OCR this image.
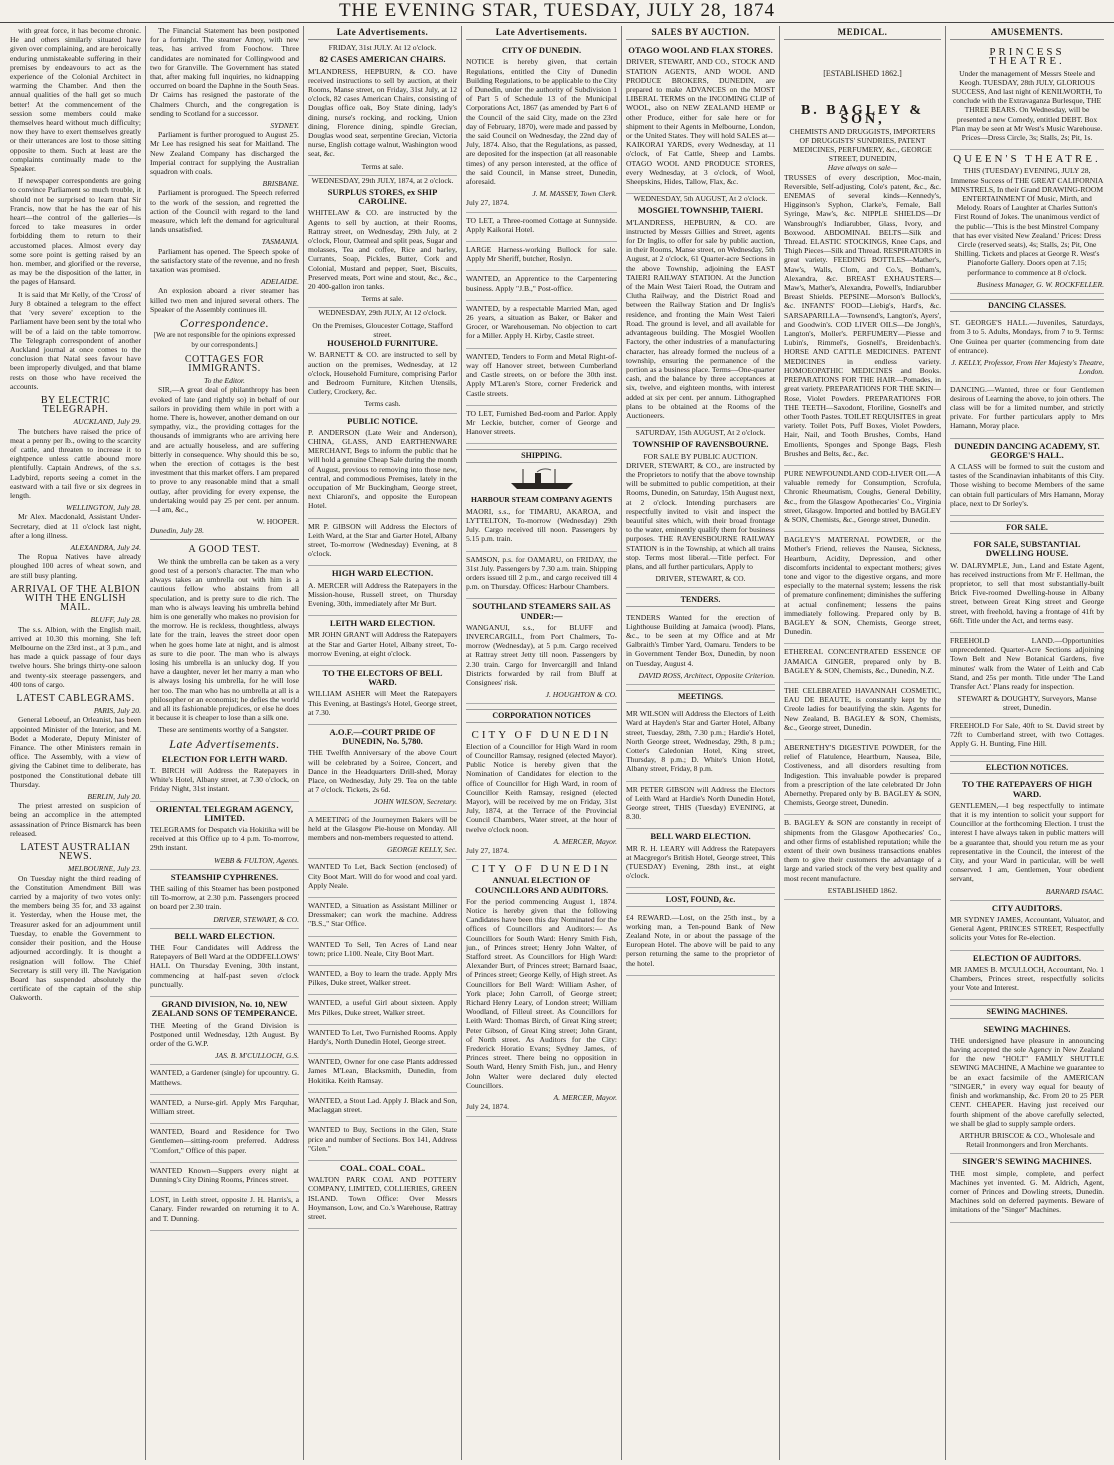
THE EVENING STAR, TUESDAY, JULY 28, 1874

with great force, it has become chronic. He and others similarly situated have given over complaining, and are heroically enduring unmistakeable suffering in their premises by endeavours to act as the experience of the Colonial Architect in warming the Chamber. And then the annual qualities of the hall get so much better! At the commencement of the session some members could make themselves heard without much difficulty; now they have to exert themselves greatly or their utterances are lost to those sitting opposite to them. Such at least are the complaints continually made to the Speaker.

If newspaper correspondents are going to convince Parliament so much trouble, it should not be surprised to learn that Sir Francis, now that he has the ear of his heart—the control of the galleries—is forced to take measures in order forbidding them to return to their accustomed places. Almost every day some sore point is getting raised by an hon. member, and glorified or the reverse, as may be the disposition of the latter, in the pages of Hansard.

It is said that Mr Kelly, of the 'Cross' of Jury 8 obtained a telegram to the effect that 'very severe' exception to the Parliament have been sent by the total who will be of a laid on the table tomorrow. The Telegraph correspondent of another Auckland journal at once comes to the conclusion that Natal sees favour have been improperly divulged, and that blame rests on those who have received the accounts.

BY ELECTRIC TELEGRAPH.
AUCKLAND, July 29.

The butchers have raised the price of meat a penny per lb., owing to the scarcity of cattle, and threaten to increase it to eightpence unless cattle abound more plentifully. Captain Andrews, of the s.s. Ladybird, reports seeing a comet in the eastward with a tail five or six degrees in length.

WELLINGTON, July 28.

Mr Alex. Macdonald, Assistant Under-Secretary, died at 11 o'clock last night, after a long illness.

ALEXANDRA, July 24.

The Ropua Natives have already ploughed 100 acres of wheat sown, and are still busy planting.

ARRIVAL OF THE ALBION WITH THE ENGLISH MAIL.
BLUFF, July 28.

The s.s. Albion, with the English mail, arrived at 10.30 this morning. She left Melbourne on the 23rd inst., at 3 p.m., and has made a quick passage of four days twelve hours. She brings thirty-one saloon and twenty-six steerage passengers, and 400 tons of cargo.

LATEST CABLEGRAMS.
PARIS, July 20.

General Leboeuf, an Orleanist, has been appointed Minister of the Interior, and M. Bodet a Moderate, Deputy Minister of Finance. The other Ministers remain in office. The Assembly, with a view of giving the Cabinet time to deliberate, has postponed the Constitutional debate till Thursday.

BERLIN, July 20.

The priest arrested on suspicion of being an accomplice in the attempted assassination of Prince Bismarck has been released.

LATEST AUSTRALIAN NEWS.
MELBOURNE, July 23.

On Tuesday night the third reading of the Constitution Amendment Bill was carried by a majority of two votes only: the members being 35 for, and 33 against it. Yesterday, when the House met, the Treasurer asked for an adjournment until Tuesday, to enable the Government to consider their position, and the House adjourned accordingly. It is thought a resignation will follow. The Chief Secretary is still very ill. The Navigation Board has suspended absolutely the certificate of the captain of the ship Oakworth.

The Financial Statement has been postponed for a fortnight. The steamer Amoy, with new teas, has arrived from Foochow. Three candidates are nominated for Collingwood and two for Granville. The Government has stated that, after making full inquiries, no kidnapping occurred on board the Daphne in the South Seas. Dr Cairns has resigned the pastorate of the Chalmers Church, and the congregation is sending to Scotland for a successor.

SYDNEY.

Parliament is further prorogued to August 25. Mr Lee has resigned his seat for Maitland. The New Zealand Company has discharged the Imperial contract for supplying the Australian squadron with coals.

BRISBANE.

Parliament is prorogued. The Speech referred to the work of the session, and regretted the action of the Council with regard to the land measure, which left the demand for agricultural lands unsatisfied.

TASMANIA.

Parliament has opened. The Speech spoke of the satisfactory state of the revenue, and no fresh taxation was promised.

ADELAIDE.

An explosion aboard a river steamer has killed two men and injured several others. The Speaker of the Assembly continues ill.

Correspondence.
[We are not responsible for the opinions expressed by our correspondents.]
COTTAGES FOR IMMIGRANTS.
To the Editor.

SIR,—A great deal of philanthropy has been evoked of late (and rightly so) in behalf of our sailors in providing them while in port with a home. There is, however, another demand on our sympathy, viz., the providing cottages for the thousands of immigrants who are arriving here and are actually houseless, and are suffering bitterly in consequence. Why should this be so, when the erection of cottages is the best investment that this market offers. I am prepared to prove to any reasonable mind that a small outlay, after providing for every expense, the undertaking would pay 25 per cent. per annum.—I am, &c.,

W. HOOPER.
Dunedin, July 28.
A GOOD TEST.

We think the umbrella can be taken as a very good test of a person's character. The man who always takes an umbrella out with him is a cautious fellow who abstains from all speculation, and is pretty sure to die rich. The man who is always leaving his umbrella behind him is one generally who makes no provision for the morrow. He is reckless, thoughtless, always late for the train, leaves the street door open when he goes home late at night, and is almost as sure to die poor. The man who is always losing his umbrella is an unlucky dog. If you have a daughter, never let her marry a man who is always losing his umbrella, for he will lose her too. The man who has no umbrella at all is a philosopher or an economist; he defies the world and all its fashionable prejudices, or else he does it because it is cheaper to lose than a silk one.

These are sentiments worthy of a Sangster.

Late Advertisements.
ELECTION FOR LEITH WARD.

T. BIRCH will Address the Ratepayers in White's Hotel, Albany street, at 7.30 o'clock, on Friday Night, 31st instant.

ORIENTAL TELEGRAM AGENCY, LIMITED.

TELEGRAMS for Despatch via Hokitika will be received at this Office up to 4 p.m. To-morrow, 29th instant.

WEBB & FULTON, Agents.
STEAMSHIP CYPHRENES.

THE sailing of this Steamer has been postponed till To-morrow, at 2.30 p.m. Passengers proceed on board per 2.30 train.

DRIVER, STEWART, & CO.
BELL WARD ELECTION.

THE Four Candidates will Address the Ratepayers of Bell Ward at the ODDFELLOWS' HALL On Thursday Evening, 30th instant, commencing at half-past seven o'clock punctually.

GRAND DIVISION, No. 10, NEW ZEALAND SONS OF TEMPERANCE.

THE Meeting of the Grand Division is Postponed until Wednesday, 12th August. By order of the G.W.P.

JAS. B. M'CULLOCH, G.S.

WANTED, a Gardener (single) for upcountry. G. Matthews.

WANTED, a Nurse-girl. Apply Mrs Farquhar, William street.

WANTED, Board and Residence for Two Gentlemen—sitting-room preferred. Address "Comfort," Office of this paper.

WANTED Known—Suppers every night at Dunning's City Dining Rooms, Princes street.

LOST, in Leith street, opposite J. H. Harris's, a Canary. Finder rewarded on returning it to A. and T. Dunning.

Late Advertisements.
FRIDAY, 31st JULY. At 12 o'clock.
82 CASES AMERICAN CHAIRS.

M'LANDRESS, HEPBURN, & CO. have received instructions to sell by auction, at their Rooms, Manse street, on Friday, 31st July, at 12 o'clock, 82 cases American Chairs, consisting of Douglas office oak, Boy State dining, lady's dining, nurse's rocking, and rocking, Union dining, Florence dining, spindle Grecian, Douglas wood seat, serpentine Grecian, Victoria nurse, English cottage walnut, Washington wood seat, &c.

Terms at sale.
WEDNESDAY, 29th JULY, 1874, at 2 o'clock.
SURPLUS STORES, ex SHIP CAROLINE.

WHITELAW & CO. are instructed by the Agents to sell by auction, at their Rooms, Rattray street, on Wednesday, 29th July, at 2 o'clock, Flour, Oatmeal and split peas, Sugar and molasses, Tea and coffee, Rice and barley, Currants, Soap, Pickles, Butter, Cork and Colonial, Mustard and pepper, Suet, Biscuits, Preserved meats, Port wine and stout, &c., &c., 20 400-gallon iron tanks.

Terms at sale.
WEDNESDAY, 29th JULY, At 12 o'clock.
On the Premises, Gloucester Cottage, Stafford street.
HOUSEHOLD FURNITURE.

W. BARNETT & CO. are instructed to sell by auction on the premises, Wednesday, at 12 o'clock, Household Furniture, comprising Parlor and Bedroom Furniture, Kitchen Utensils, Cutlery, Crockery, &c.

Terms cash.
PUBLIC NOTICE.

P. ANDERSON (Late Weir and Anderson), CHINA, GLASS, AND EARTHENWARE MERCHANT, Begs to inform the public that he will hold a genuine Cheap Sale during the month of August, previous to removing into those new, central, and commodious Premises, lately in the occupation of Mr Buckingham, George street, next Chiaroni's, and opposite the European Hotel.

MR P. GIBSON will Address the Electors of Leith Ward, at the Star and Garter Hotel, Albany street, To-morrow (Wednesday) Evening, at 8 o'clock.

HIGH WARD ELECTION.

A. MERCER will Address the Ratepayers in the Mission-house, Russell street, on Thursday Evening, 30th, immediately after Mr Burt.

LEITH WARD ELECTION.

MR JOHN GRANT will Address the Ratepayers at the Star and Garter Hotel, Albany street, To-morrow Evening, at eight o'clock.

TO THE ELECTORS OF BELL WARD.

WILLIAM ASHER will Meet the Ratepayers This Evening, at Bastings's Hotel, George street, at 7.30.

A.O.F.—COURT PRIDE OF DUNEDIN, No. 5,780.

THE Twelfth Anniversary of the above Court will be celebrated by a Soiree, Concert, and Dance in the Headquarters Drill-shed, Moray Place, on Wednesday, July 29. Tea on the table at 7 o'clock. Tickets, 2s 6d.

JOHN WILSON, Secretary.

A MEETING of the Journeymen Bakers will be held at the Glasgow Pie-house on Monday. All members and non-members requested to attend.

GEORGE KELLY, Sec.

WANTED To Let, Back Section (enclosed) of City Boot Mart. Will do for wood and coal yard. Apply Neale.

WANTED, a Situation as Assistant Milliner or Dressmaker; can work the machine. Address "B.S.," Star Office.

WANTED To Sell, Ten Acres of Land near town; price L100. Neale, City Boot Mart.

WANTED, a Boy to learn the trade. Apply Mrs Pilkes, Duke street, Walker street.

WANTED, a useful Girl about sixteen. Apply Mrs Pilkes, Duke street, Walker street.

WANTED To Let, Two Furnished Rooms. Apply Hardy's, North Dunedin Hotel, George street.

WANTED, Owner for one case Plants addressed James M'Lean, Blacksmith, Dunedin, from Hokitika. Keith Ramsay.

WANTED, a Stout Lad. Apply J. Black and Son, Maclaggan street.

WANTED to Buy, Sections in the Glen, State price and number of Sections. Box 141, Address "Glen."

COAL. COAL. COAL.

WALTON PARK COAL AND POTTERY COMPANY, LIMITED, COLLIERIES, GREEN ISLAND. Town Office: Over Messrs Hoymanson, Low, and Co.'s Warehouse, Rattray street.

Late Advertisements.
CITY OF DUNEDIN.

NOTICE is hereby given, that certain Regulations, entitled the City of Dunedin Building Regulations, to be applicable to the City of Dunedin, under the authority of Subdivision 1 of Part 5 of Schedule 13 of the Municipal Corporations Act, 1867 (as amended by Part 6 of the Council of the said City, made on the 23rd day of February, 1870), were made and passed by the said Council on Wednesday, the 22nd day of July, 1874. Also, that the Regulations, as passed, are deposited for the inspection (at all reasonable times) of any person interested, at the office of the said Council, in Manse street, Dunedin, aforesaid.

J. M. MASSEY, Town Clerk.
July 27, 1874.

TO LET, a Three-roomed Cottage at Sunnyside. Apply Kaikorai Hotel.

LARGE Harness-working Bullock for sale. Apply Mr Sheriff, butcher, Roslyn.

WANTED, an Apprentice to the Carpentering business. Apply "J.B.," Post-office.

WANTED, by a respectable Married Man, aged 26 years, a situation as Baker, or Baker and Grocer, or Warehouseman. No objection to cart for a Miller. Apply H. Kirby, Castle street.

WANTED, Tenders to Form and Metal Right-of-way off Hanover street, between Cumberland and Castle streets, on or before the 30th inst. Apply M'Laren's Store, corner Frederick and Castle streets.

TO LET, Furnished Bed-room and Parlor. Apply Mr Leckie, butcher, corner of George and Hanover streets.

SHIPPING.
HARBOUR STEAM COMPANY AGENTS

MAORI, s.s., for TIMARU, AKAROA, and LYTTELTON, To-morrow (Wednesday) 29th July. Cargo received till noon. Passengers by 5.15 p.m. train.

SAMSON, p.s. for OAMARU, on FRIDAY, the 31st July. Passengers by 7.30 a.m. train. Shipping orders issued till 2 p.m., and cargo received till 4 p.m. on Thursday. Offices: Harbour Chambers.

SOUTHLAND STEAMERS SAIL AS UNDER:—

WANGANUI, s.s., for BLUFF and INVERCARGILL, from Port Chalmers, To-morrow (Wednesday), at 5 p.m. Cargo received at Rattray street Jetty till noon. Passengers by 2.30 train. Cargo for Invercargill and Inland Districts forwarded by rail from Bluff at Consignees' risk.

J. HOUGHTON & CO.
CORPORATION NOTICES
CITY OF DUNEDIN

Election of a Councillor for High Ward in room of Councillor Ramsay, resigned (elected Mayor). Public Notice is hereby given that the Nomination of Candidates for election to the office of Councillor for High Ward, in room of Councillor Keith Ramsay, resigned (elected Mayor), will be received by me on Friday, 31st July, 1874, at the Terrace of the Provincial Council Chambers, Water street, at the hour of twelve o'clock noon.

A. MERCER, Mayor.
July 27, 1874.
CITY OF DUNEDIN
ANNUAL ELECTION OF COUNCILLORS AND AUDITORS.

For the period commencing August 1, 1874. Notice is hereby given that the following Candidates have been this day Nominated for the offices of Councillors and Auditors:— As Councillors for South Ward: Henry Smith Fish, jun., of Princes street; Henry John Walter, of Stafford street. As Councillors for High Ward: Alexander Burt, of Princes street; Barnard Isaac, of Princes street; George Kelly, of High street. As Councillors for Bell Ward: William Asher, of York place; John Carroll, of George street; Richard Henry Leary, of London street; William Woodland, of Filleul street. As Councillors for Leith Ward: Thomas Birch, of Great King street; Peter Gibson, of Great King street; John Grant, of North street. As Auditors for the City: Frederick Horatio Evans; Sydney James, of Princes street. There being no opposition in South Ward, Henry Smith Fish, jun., and Henry John Walter were declared duly elected Councillors.

A. MERCER, Mayor.
July 24, 1874.
SALES BY AUCTION.
OTAGO WOOL AND FLAX STORES.

DRIVER, STEWART, AND CO., STOCK AND STATION AGENTS, AND WOOL AND PRODUCE BROKERS, DUNEDIN, are prepared to make ADVANCES on the MOST LIBERAL TERMS on the INCOMING CLIP of WOOL, also on NEW ZEALAND HEMP or other Produce, either for sale here or for shipment to their Agents in Melbourne, London, or the United States. They will hold SALES at— KAIKORAI YARDS, every Wednesday, at 11 o'clock, of Fat Cattle, Sheep and Lambs. OTAGO WOOL AND PRODUCE STORES, every Wednesday, at 3 o'clock, of Wool, Sheepskins, Hides, Tallow, Flax, &c.

WEDNESDAY, 5th AUGUST, At 2 o'clock.
MOSGIEL TOWNSHIP, TAIERI.

M'LANDRESS, HEPBURN, & CO. are instructed by Messrs Gillies and Street, agents for Dr Inglis, to offer for sale by public auction, in their Rooms, Manse street, on Wednesday, 5th August, at 2 o'clock, 61 Quarter-acre Sections in the above Township, adjoining the EAST TAIERI RAILWAY STATION. At the Junction of the Main West Taieri Road, the Outram and Clutha Railway, and the District Road and between the Railway Station and Dr Inglis's residence, and fronting the Main West Taieri Road. The ground is level, and all available for advantageous building. The Mosgiel Woollen Factory, the other industries of a manufacturing character, has already formed the nucleus of a township, ensuring the permanence of the portion as a business place. Terms—One-quarter cash, and the balance by three acceptances at six, twelve, and eighteen months, with interest added at six per cent. per annum. Lithographed plans to be obtained at the Rooms of the Auctioneers.

SATURDAY, 15th AUGUST, At 2 o'clock.
TOWNSHIP OF RAVENSBOURNE.
FOR SALE BY PUBLIC AUCTION.

DRIVER, STEWART, & CO., are instructed by the Proprietors to notify that the above township will be submitted to public competition, at their Rooms, Dunedin, on Saturday, 15th August next, at 2 o'clock. Intending purchasers are respectfully invited to visit and inspect the beautiful sites which, with their broad frontage to the water, eminently qualify them for business purposes. THE RAVENSBOURNE RAILWAY STATION is in the Township, at which all trains stop. Terms most liberal.—Title perfect. For plans, and all further particulars, Apply to

DRIVER, STEWART, & CO.
TENDERS.

TENDERS Wanted for the erection of Lighthouse Building at Jamaica (wood). Plans, &c., to be seen at my Office and at Mr Galbraith's Timber Yard, Oamaru. Tenders to be in Government Tender Box, Dunedin, by noon on Tuesday, August 4.

DAVID ROSS, Architect, Opposite Criterion.
MEETINGS.

MR WILSON will Address the Electors of Leith Ward at Hayden's Star and Garter Hotel, Albany street, Tuesday, 28th, 7.30 p.m.; Hardie's Hotel, North George street, Wednesday, 29th, 8 p.m.; Cotter's Caledonian Hotel, King street, Thursday, 8 p.m.; D. White's Union Hotel, Albany street, Friday, 8 p.m.

MR PETER GIBSON will Address the Electors of Leith Ward at Hardie's North Dunedin Hotel, George street, THIS (Tuesday) EVENING, at 8.30.

BELL WARD ELECTION.

MR R. H. LEARY will Address the Ratepayers at Macgregor's British Hotel, George street, This (TUESDAY) Evening, 28th inst., at eight o'clock.

LOST, FOUND, &c.

£4 REWARD.—Lost, on the 25th inst., by a working man, a Ten-pound Bank of New Zealand Note, in or about the passage of the European Hotel. The above will be paid to any person returning the same to the proprietor of the hotel.

MEDICAL.
[ESTABLISHED 1862.]
B. BAGLEY & SON,
CHEMISTS AND DRUGGISTS, IMPORTERS OF DRUGGISTS' SUNDRIES, PATENT MEDICINES, PERFUMERY, &c., GEORGE STREET, DUNEDIN,
Have always on sale—

TRUSSES of every description, Moc-main, Reversible, Self-adjusting, Cole's patent, &c., &c. ENEMAS of several kinds—Kennedy's, Higginson's Syphon, Clarke's, Female, Ball Syringe, Maw's, &c. NIPPLE SHIELDS—Dr Wansbrough's Indiarubber, Glass, Ivory, and Boxwood. ABDOMINAL BELTS—Silk and Thread. ELASTIC STOCKINGS, Knee Caps, and Thigh Pieces—Silk and Thread. RESPIRATORS in great variety. FEEDING BOTTLES—Mather's, Maw's, Walls, Clom, and Co.'s, Botham's, Alexandra, &c. BREAST EXHAUSTERS—Maw's, Mather's, Alexandra, Powell's, Indiarubber Breast Shields. PEPSINE—Morson's Bullock's, &c. INFANTS' FOOD—Liebig's, Hard's, &c. SARSAPARILLA—Townsend's, Langton's, Ayers', and Goodwin's. COD LIVER OILS—De Jongh's, Langton's, Moller's. PERFUMERY—Piesse and Lubin's, Rimmel's, Gosnell's, Breidenbach's. HORSE AND CATTLE MEDICINES. PATENT MEDICINES in endless variety. HOMOEOPATHIC MEDICINES and Books. PREPARATIONS FOR THE HAIR—Pomades, in great variety. PREPARATIONS FOR THE SKIN—Rose, Violet Powders. PREPARATIONS FOR THE TEETH—Saxodont, Floriline, Gosnell's and other Tooth Pastes. TOILET REQUISITES in great variety. Toilet Pots, Puff Boxes, Violet Powders, Hair, Nail, and Tooth Brushes, Combs, Hand Emollients, Sponges and Sponge Bags, Flesh Brushes and Belts, &c., &c.

PURE NEWFOUNDLAND COD-LIVER OIL—A valuable remedy for Consumption, Scrofula, Chronic Rheumatism, Coughs, General Debility, &c., from the Glasgow Apothecaries' Co., Virginia street, Glasgow. Imported and bottled by BAGLEY & SON, Chemists, &c., George street, Dunedin.

BAGLEY'S MATERNAL POWDER, or the Mother's Friend, relieves the Nausea, Sickness, Heartburn, Acidity, Depression, and other discomforts incidental to expectant mothers; gives tone and vigor to the digestive organs, and more especially to the maternal system; lessens the risk of premature confinement; diminishes the suffering at actual confinement; lessens the pains immediately following. Prepared only by B. BAGLEY & SON, Chemists, George street, Dunedin.

ETHEREAL CONCENTRATED ESSENCE OF JAMAICA GINGER, prepared only by B. BAGLEY & SON, Chemists, &c., Dunedin, N.Z.

THE CELEBRATED HAVANNAH COSMETIC, EAU DE BEAUTE, is constantly kept by the Creole ladies for beautifying the skin. Agents for New Zealand, B. BAGLEY & SON, Chemists, &c., George street, Dunedin.

ABERNETHY'S DIGESTIVE POWDER, for the relief of Flatulence, Heartburn, Nausea, Bile, Costiveness, and all disorders resulting from Indigestion. This invaluable powder is prepared from a prescription of the late celebrated Dr John Abernethy. Prepared only by B. BAGLEY & SON, Chemists, George street, Dunedin.

B. BAGLEY & SON are constantly in receipt of shipments from the Glasgow Apothecaries' Co., and other firms of established reputation; while the extent of their own business transactions enables them to give their customers the advantage of a large and varied stock of the very best quality and most recent manufacture.

ESTABLISHED 1862.
AMUSEMENTS.
PRINCESS THEATRE.

Under the management of Messrs Steele and Keogh. TUESDAY, 28th JULY, GLORIOUS SUCCESS, And last night of KENILWORTH, To conclude with the Extravaganza Burlesque, THE THREE BEARS. On Wednesday, will be presented a new Comedy, entitled DEBT. Box Plan may be seen at Mr West's Music Warehouse. Prices—Dress Circle, 3s; Stalls, 2s; Pit, 1s.

QUEEN'S THEATRE.

THIS (TUESDAY) EVENING, JULY 28, Immense Success of THE GREAT CALIFORNIA MINSTRELS, In their Grand DRAWING-ROOM ENTERTAINMENT Of Music, Mirth, and Melody. Roars of Laughter at Charles Sutton's First Round of Jokes. The unanimous verdict of the public—'This is the best Minstrel Company that has ever visited New Zealand.' Prices: Dress Circle (reserved seats), 4s; Stalls, 2s; Pit, One Shilling. Tickets and places at George R. West's Pianoforte Gallery. Doors open at 7.15; performance to commence at 8 o'clock.

Business Manager, G. W. ROCKFELLER.
DANCING CLASSES.

ST. GEORGE'S HALL.—Juveniles, Saturdays, from 3 to 5. Adults, Mondays, from 7 to 9. Terms: One Guinea per quarter (commencing from date of entrance).

J. KELLY, Professor, From Her Majesty's Theatre, London.

DANCING.—Wanted, three or four Gentlemen desirous of Learning the above, to join others. The class will be for a limited number, and strictly private. For further particulars apply to Mrs Hamann, Moray place.

DUNEDIN DANCING ACADEMY, ST. GEORGE'S HALL.

A CLASS will be formed to suit the custom and tastes of the Scandinavian inhabitants of this City. Those wishing to become Members of the same can obtain full particulars of Mrs Hamann, Moray place, next to Dr Sorley's.

FOR SALE.
FOR SALE, SUBSTANTIAL DWELLING HOUSE.

W. DALRYMPLE, Jun., Land and Estate Agent, has received instructions from Mr F. Hellman, the proprietor, to sell that most substantially-built Brick Five-roomed Dwelling-house in Albany street, between Great King street and George street, with freehold, having a frontage of 41ft by 66ft. Title under the Act, and terms easy.

FREEHOLD LAND.—Opportunities unprecedented. Quarter-Acre Sections adjoining Town Belt and New Botanical Gardens, five minutes' walk from the Water of Leith and Cab Stand, and 25s per month. Title under 'The Land Transfer Act.' Plans ready for inspection.

STEWART & DOUGHTY, Surveyors, Manse street, Dunedin.

FREEHOLD For Sale, 40ft to St. David street by 72ft to Cumberland street, with two Cottages. Apply G. H. Bunting, Fine Hill.

ELECTION NOTICES.
TO THE RATEPAYERS OF HIGH WARD.

GENTLEMEN,—I beg respectfully to intimate that it is my intention to solicit your support for Councillor at the forthcoming Election. I trust the interest I have always taken in public matters will be a guarantee that, should you return me as your representative in the Council, the interest of the City, and your Ward in particular, will be well conserved. I am, Gentlemen, Your obedient servant,

BARNARD ISAAC.
CITY AUDITORS.

MR SYDNEY JAMES, Accountant, Valuator, and General Agent, PRINCES STREET, Respectfully solicits your Votes for Re-election.

ELECTION OF AUDITORS.

MR JAMES B. M'CULLOCH, Accountant, No. 1 Chambers, Princes street, respectfully solicits your Vote and Interest.

SEWING MACHINES.
SEWING MACHINES.

THE undersigned have pleasure in announcing having accepted the sole Agency in New Zealand for the new "HOLT" FAMILY SHUTTLE SEWING MACHINE, A Machine we guarantee to be an exact facsimile of the AMERICAN "SINGER," in every way equal for beauty of finish and workmanship, &c. From 20 to 25 PER CENT. CHEAPER. Having just received our fourth shipment of the above carefully selected, we shall be glad to supply sample orders.

ARTHUR BRISCOE & CO., Wholesale and Retail Ironmongers and Iron Merchants.
SINGER'S SEWING MACHINES.

THE most simple, complete, and perfect Machines yet invented. G. M. Aldrich, Agent, corner of Princes and Dowling streets, Dunedin. Machines sold on deferred payments. Beware of imitations of the "Singer" Machines.
